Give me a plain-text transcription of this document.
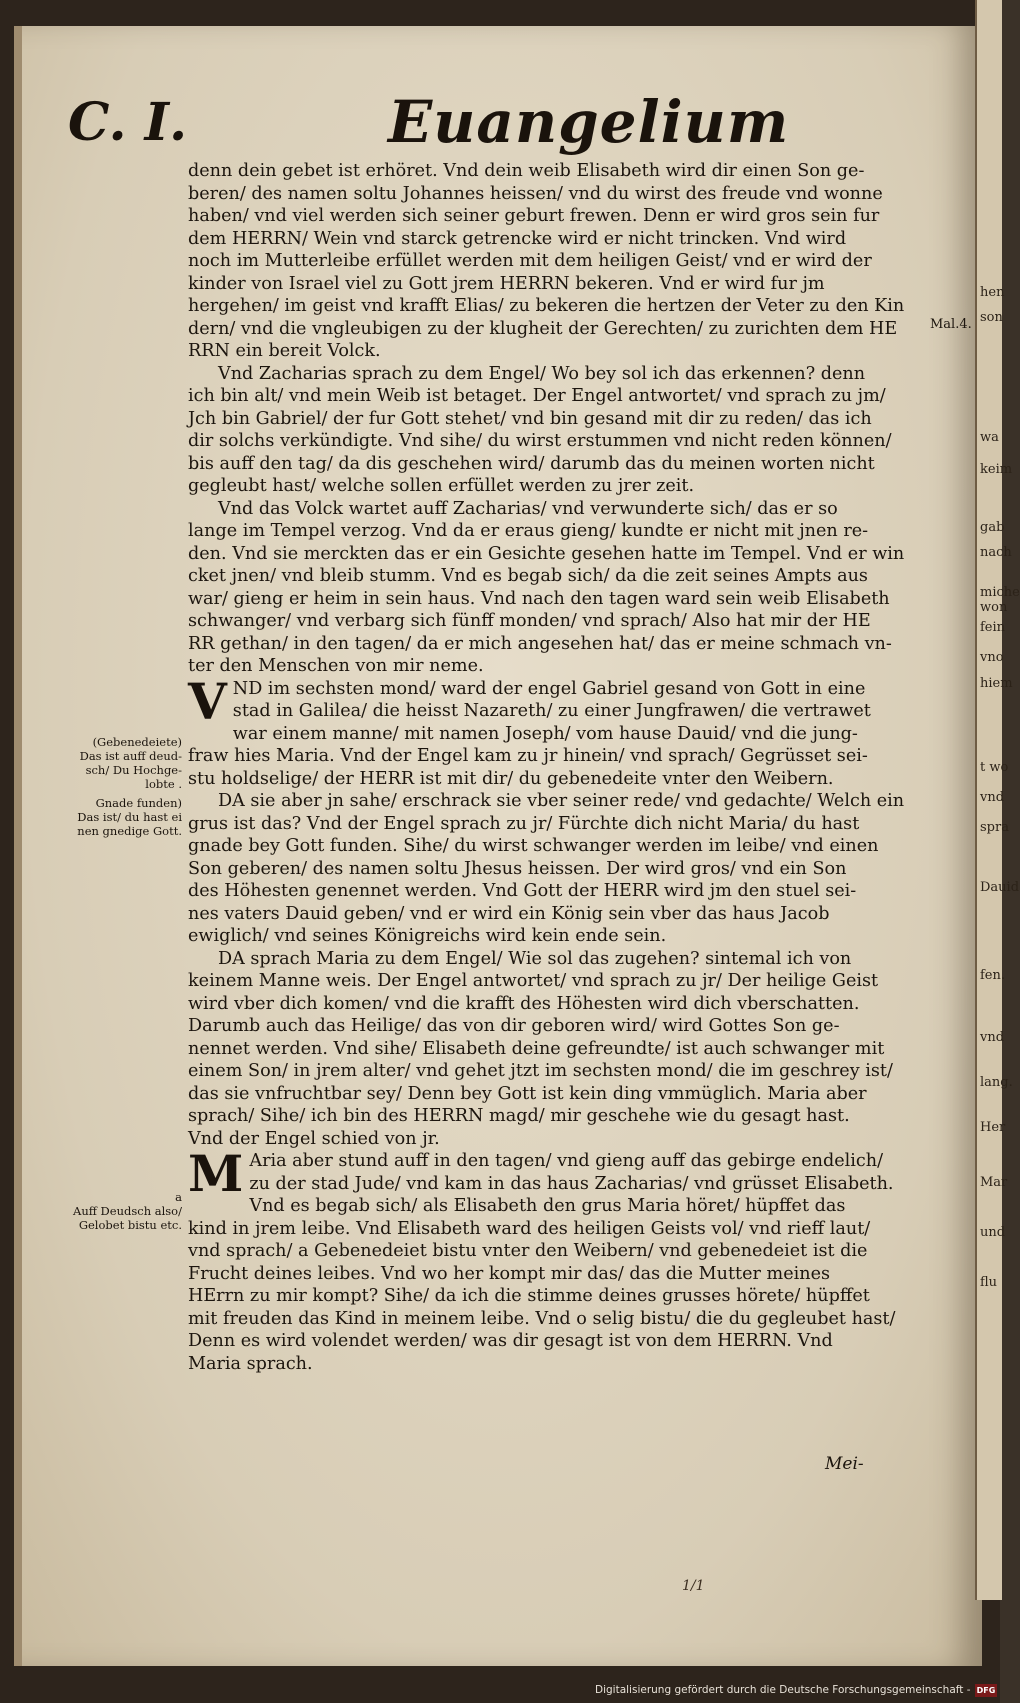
hen
son
wa
keim
gab
nach
miche
won
fein
vno
hiem
t wo
vnd
spra
Dauid
fen.
vnd
lang.
Her
Mar
und
flu
C. I.	Euangelium
Mal.4.
denn dein gebet ist erhöret. Vnd dein weib Elisabeth wird dir einen Son ge-
beren/ des namen soltu Johannes heissen/ vnd du wirst des freude vnd wonne
haben/ vnd viel werden sich seiner geburt frewen. Denn er wird gros sein fur
dem HERRN/ Wein vnd starck getrencke wird er nicht trincken. Vnd wird
noch im Mutterleibe erfüllet werden mit dem heiligen Geist/ vnd er wird der
kinder von Israel viel zu Gott jrem HERRN bekeren. Vnd er wird fur jm
hergehen/ im geist vnd krafft Elias/ zu bekeren die hertzen der Veter zu den Kin
dern/ vnd die vngleubigen zu der klugheit der Gerechten/ zu zurichten dem HE
RRN ein bereit Volck.
Vnd Zacharias sprach zu dem Engel/ Wo bey sol ich das erkennen? denn
ich bin alt/ vnd mein Weib ist betaget. Der Engel antwortet/ vnd sprach zu jm/
Jch bin Gabriel/ der fur Gott stehet/ vnd bin gesand mit dir zu reden/ das ich
dir solchs verkündigte. Vnd sihe/ du wirst erstummen vnd nicht reden können/
bis auff den tag/ da dis geschehen wird/ darumb das du meinen worten nicht
gegleubt hast/ welche sollen erfüllet werden zu jrer zeit.
Vnd das Volck wartet auff Zacharias/ vnd verwunderte sich/ das er so
lange im Tempel verzog. Vnd da er eraus gieng/ kundte er nicht mit jnen re-
den. Vnd sie merckten das er ein Gesichte gesehen hatte im Tempel. Vnd er win
cket jnen/ vnd bleib stumm. Vnd es begab sich/ da die zeit seines Ampts aus
war/ gieng er heim in sein haus. Vnd nach den tagen ward sein weib Elisabeth
schwanger/ vnd verbarg sich fünff monden/ vnd sprach/ Also hat mir der HE
RR gethan/ in den tagen/ da er mich angesehen hat/ das er meine schmach vn-
ter den Menschen von mir neme.
V ND im sechsten mond/ ward der engel Gabriel gesand von Gott in eine
stad in Galilea/ die heisst Nazareth/ zu einer Jungfrawen/ die vertrawet
war einem manne/ mit namen Joseph/ vom hause Dauid/ vnd die jung-
fraw hies Maria. Vnd der Engel kam zu jr hinein/ vnd sprach/ Gegrüsset sei-
stu holdselige/ der HERR ist mit dir/ du gebenedeite vnter den Weibern.
DA sie aber jn sahe/ erschrack sie vber seiner rede/ vnd gedachte/ Welch ein
grus ist das? Vnd der Engel sprach zu jr/ Fürchte dich nicht Maria/ du hast
gnade bey Gott funden. Sihe/ du wirst schwanger werden im leibe/ vnd einen
Son geberen/ des namen soltu Jhesus heissen. Der wird gros/ vnd ein Son
des Höhesten genennet werden. Vnd Gott der HERR wird jm den stuel sei-
nes vaters Dauid geben/ vnd er wird ein König sein vber das haus Jacob
ewiglich/ vnd seines Königreichs wird kein ende sein.
DA sprach Maria zu dem Engel/ Wie sol das zugehen? sintemal ich von
keinem Manne weis. Der Engel antwortet/ vnd sprach zu jr/ Der heilige Geist
wird vber dich komen/ vnd die krafft des Höhesten wird dich vberschatten.
Darumb auch das Heilige/ das von dir geboren wird/ wird Gottes Son ge-
nennet werden. Vnd sihe/ Elisabeth deine gefreundte/ ist auch schwanger mit
einem Son/ in jrem alter/ vnd gehet jtzt im sechsten mond/ die im geschrey ist/
das sie vnfruchtbar sey/ Denn bey Gott ist kein ding vmmüglich. Maria aber
sprach/ Sihe/ ich bin des HERRN magd/ mir geschehe wie du gesagt hast.
Vnd der Engel schied von jr.
M Aria aber stund auff in den tagen/ vnd gieng auff das gebirge endelich/
zu der stad Jude/ vnd kam in das haus Zacharias/ vnd grüsset Elisabeth.
Vnd es begab sich/ als Elisabeth den grus Maria höret/ hüpffet das
kind in jrem leibe. Vnd Elisabeth ward des heiligen Geists vol/ vnd rieff laut/
vnd sprach/ a Gebenedeiet bistu vnter den Weibern/ vnd gebenedeiet ist die
Frucht deines leibes. Vnd wo her kompt mir das/ das die Mutter meines
HErrn zu mir kompt? Sihe/ da ich die stimme deines grusses hörete/ hüpffet
mit freuden das Kind in meinem leibe. Vnd o selig bistu/ die du gegleubet hast/
Denn es wird volendet werden/ was dir gesagt ist von dem HERRN. Vnd
Maria sprach.
(Gebenedeiete)
Das ist auff deud-
sch/ Du Hochge-
lobte .
Gnade funden)
Das ist/ du hast ei
nen gnedige Gott.
a
Auff Deudsch also/
Gelobet bistu etc.
Mei-
1/1
Digitalisierung gefördert durch die Deutsche Forschungsgemeinschaft - DFG
